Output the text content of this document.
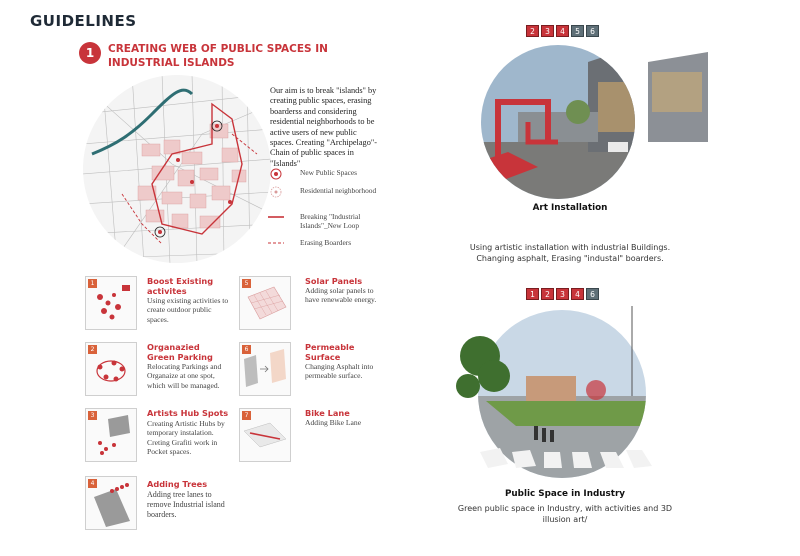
GUIDELINES
1	CREATING WEB OF PUBLIC SPACES IN INDUSTRIAL ISLANDS
Our aim is to break "islands" by creating public spaces, erasing boarderss and considering residential neighborhoods to be active users of new public spaces. Creating "Archipelago"-Chain of public spaces in "Islands"
New Public Spaces
Residential neighborhood
Breaking "Industrial Islands"_New Loop
Erasing Boarders
1	Boost Existing activites
Using existing activities to create outdoor public spaces.
2	Organazied Green Parking
Relocating Parkings and Organaize at one spot, which will be managed.
3	Artists Hub Spots
Creating Artistic Hubs by temporary instalation. Creting Grafiti work in Pocket spaces.
4	Adding Trees
Adding tree lanes to remove Industrial island boarders.
5	Solar Panels
Adding solar panels to have renewable energy.
6	Permeable Surface
Changing Asphalt into permeable surface.
7	Bike Lane
Adding Bike Lane
2	3	4	5	6
Art Installation
Using artistic installation with industrial Buildings. Changing asphalt, Erasing "industal" boarders.
1	2	3	4	6
Public Space in Industry
Green public space in Industry, with activities and 3D illusion art/
